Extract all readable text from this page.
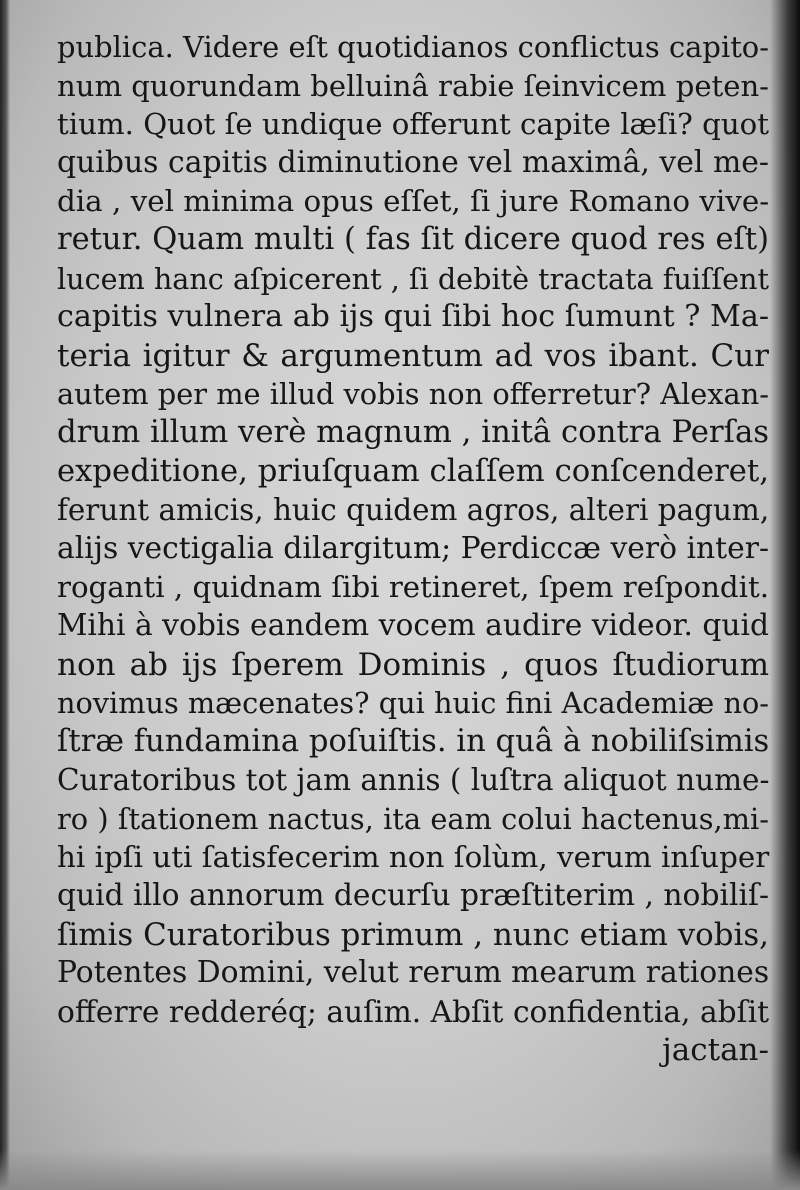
publica. Videre eſt quotidianos conflictus capito-
num quorundam belluinâ rabie ſeinvicem peten-
tium. Quot ſe undique offerunt capite læſi? quot
quibus capitis diminutione vel maximâ, vel me-
dia , vel minima opus eſſet, ſi jure Romano vive-
retur. Quam multi ( fas ſit dicere quod res eſt)
lucem hanc aſpicerent , ſi debitè tractata fuiſſent
capitis vulnera ab ijs qui ſibi hoc ſumunt ? Ma-
teria igitur & argumentum ad vos ibant. Cur
autem per me illud vobis non offerretur? Alexan-
drum illum verè magnum , initâ contra Perſas
expeditione, priuſquam claſſem conſcenderet,
ferunt amicis, huic quidem agros, alteri pagum,
alijs vectigalia dilargitum; Perdiccæ verò inter-
roganti , quidnam ſibi retineret, ſpem reſpondit.
Mihi à vobis eandem vocem audire videor. quid
non ab ijs ſperem Dominis , quos ſtudiorum
novimus mæcenates? qui huic fini Academiæ no-
ſtræ fundamina poſuiſtis. in quâ à nobiliſsimis
Curatoribus tot jam annis ( luſtra aliquot nume-
ro ) ſtationem nactus, ita eam colui hactenus,mi-
hi ipſi uti ſatisfecerim non ſolùm, verum inſuper
quid illo annorum decurſu præſtiterim , nobiliſ-
ſimis Curatoribus primum , nunc etiam vobis,
Potentes Domini, velut rerum mearum rationes
offerre redderéq; auſim. Abſit confidentia, abſit
jactan-
